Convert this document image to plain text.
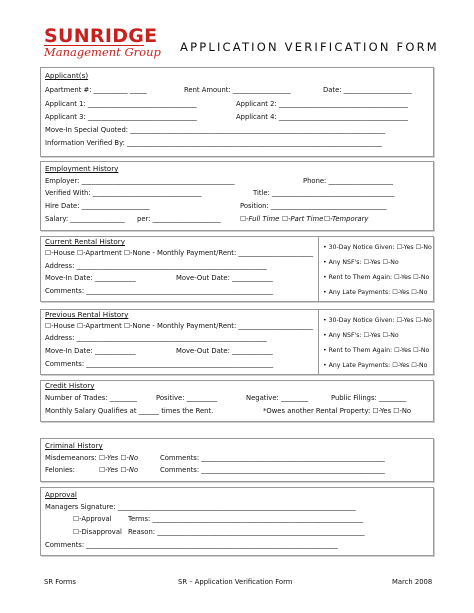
SUNRIDGE
Management Group APPLICATION VERIFICATION FORM
Applicant(s)
Apartment #: __________ _____	Rent Amount: _________________	Date: ____________________
Applicant 1: ________________________________	Applicant 2: ______________________________________
Applicant 3: ________________________________	Applicant 4: ______________________________________
Move-In Special Quoted: ___________________________________________________________________________
Information Verified By: ___________________________________________________________________________
Employment History
Employer: _____________________________________________	Phone: ___________________
Verified With: ________________________________	Title: ____________________________________
Hire Date: ____________________	Position: __________________________________
Salary: ________________ per: ____________________	☐-Full Time ☐-Part Time ☐-Temporary
Current Rental History
☐-House ☐-Apartment ☐-None - Monthly Payment/Rent: ______________________
Address: ________________________________________________________
Move-In Date: ____________	Move-Out Date: ____________
Comments: _______________________________________________________
• 30-Day Notice Given: ☐-Yes ☐-No
• Any NSF's: ☐-Yes ☐-No
• Rent to Them Again: ☐-Yes ☐-No
• Any Late Payments: ☐-Yes ☐-No
Previous Rental History
☐-House ☐-Apartment ☐-None - Monthly Payment/Rent: ______________________
Address: ________________________________________________________
Move-In Date: ____________	Move-Out Date: ____________
Comments: _______________________________________________________
• 30-Day Notice Given: ☐-Yes ☐-No
• Any NSF's: ☐-Yes ☐-No
• Rent to Them Again: ☐-Yes ☐-No
• Any Late Payments: ☐-Yes ☐-No
Credit History
Number of Trades: ________	Positive: _________	Negative: ________	Public Filings: ________
Monthly Salary Qualifies at ______ times the Rent.	*Owes another Rental Property: ☐-Yes ☐-No
Criminal History
Misdemeanors: ☐-Yes ☐-No	Comments: ______________________________________________________
Felonies:	☐-Yes ☐-No	Comments: ______________________________________________________
Approval
Managers Signature: ______________________________________________________________________
☐-Approval Terms: ______________________________________________________________
☐-Disapproval Reason: _____________________________________________________________
Comments: __________________________________________________________________________
SR Forms	SR – Application Verification Form	March 2008
